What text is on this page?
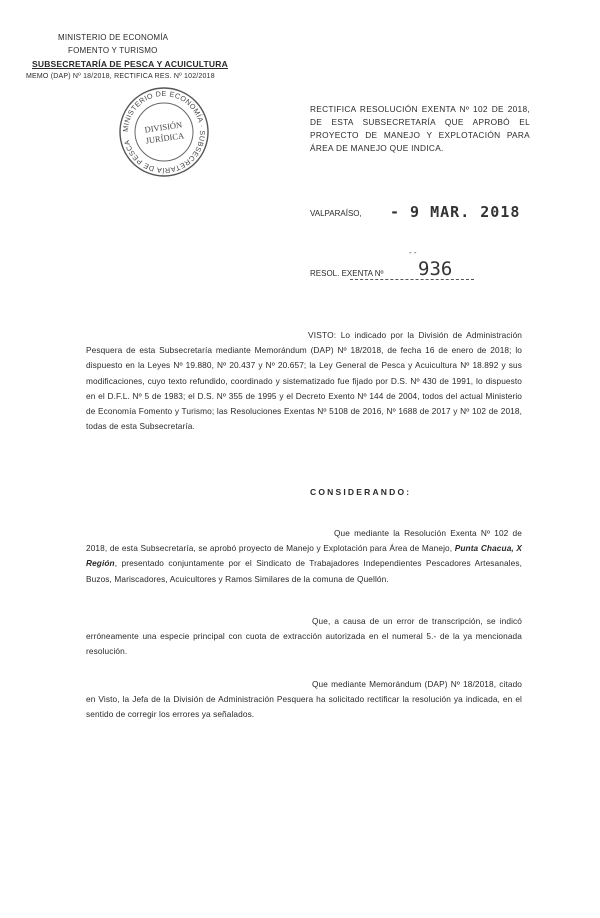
MINISTERIO DE ECONOMÍA
FOMENTO Y TURISMO
SUBSECRETARÍA DE PESCA Y ACUICULTURA
MEMO (DAP) Nº 18/2018, RECTIFICA RES. Nº 102/2018
MINISTERIO DE ECONOMÍA · SUBSECRETARÍA DE PESCA
DIVISIÓN
JURÍDICA
RECTIFICA RESOLUCIÓN EXENTA Nº 102 DE 2018, DE ESTA SUBSECRETARÍA QUE APROBÓ EL PROYECTO DE MANEJO Y EXPLOTACIÓN PARA ÁREA DE MANEJO QUE INDICA.
VALPARAÍSO, - 9 MAR. 2018
- -
RESOL. EXENTA Nº 936
VISTO: Lo indicado por la División de Administración Pesquera de esta Subsecretaría mediante Memorándum (DAP) Nº 18/2018, de fecha 16 de enero de 2018; lo dispuesto en la Leyes Nº 19.880, Nº 20.437 y Nº 20.657; la Ley General de Pesca y Acuicultura Nº 18.892 y sus modificaciones, cuyo texto refundido, coordinado y sistematizado fue fijado por D.S. Nº 430 de 1991, lo dispuesto en el D.F.L. Nº 5 de 1983; el D.S. Nº 355 de 1995 y el Decreto Exento Nº 144 de 2004, todos del actual Ministerio de Economía Fomento y Turismo; las Resoluciones Exentas Nº 5108 de 2016, Nº 1688 de 2017 y Nº 102 de 2018, todas de esta Subsecretaría.
CONSIDERANDO:
Que mediante la Resolución Exenta Nº 102 de 2018, de esta Subsecretaría, se aprobó proyecto de Manejo y Explotación para Área de Manejo, Punta Chacua, X Región, presentado conjuntamente por el Sindicato de Trabajadores Independientes Pescadores Artesanales, Buzos, Mariscadores, Acuicultores y Ramos Similares de la comuna de Quellón.
Que, a causa de un error de transcripción, se indicó erróneamente una especie principal con cuota de extracción autorizada en el numeral 5.- de la ya mencionada resolución.
Que mediante Memorándum (DAP) Nº 18/2018, citado en Visto, la Jefa de la División de Administración Pesquera ha solicitado rectificar la resolución ya indicada, en el sentido de corregir los errores ya señalados.
